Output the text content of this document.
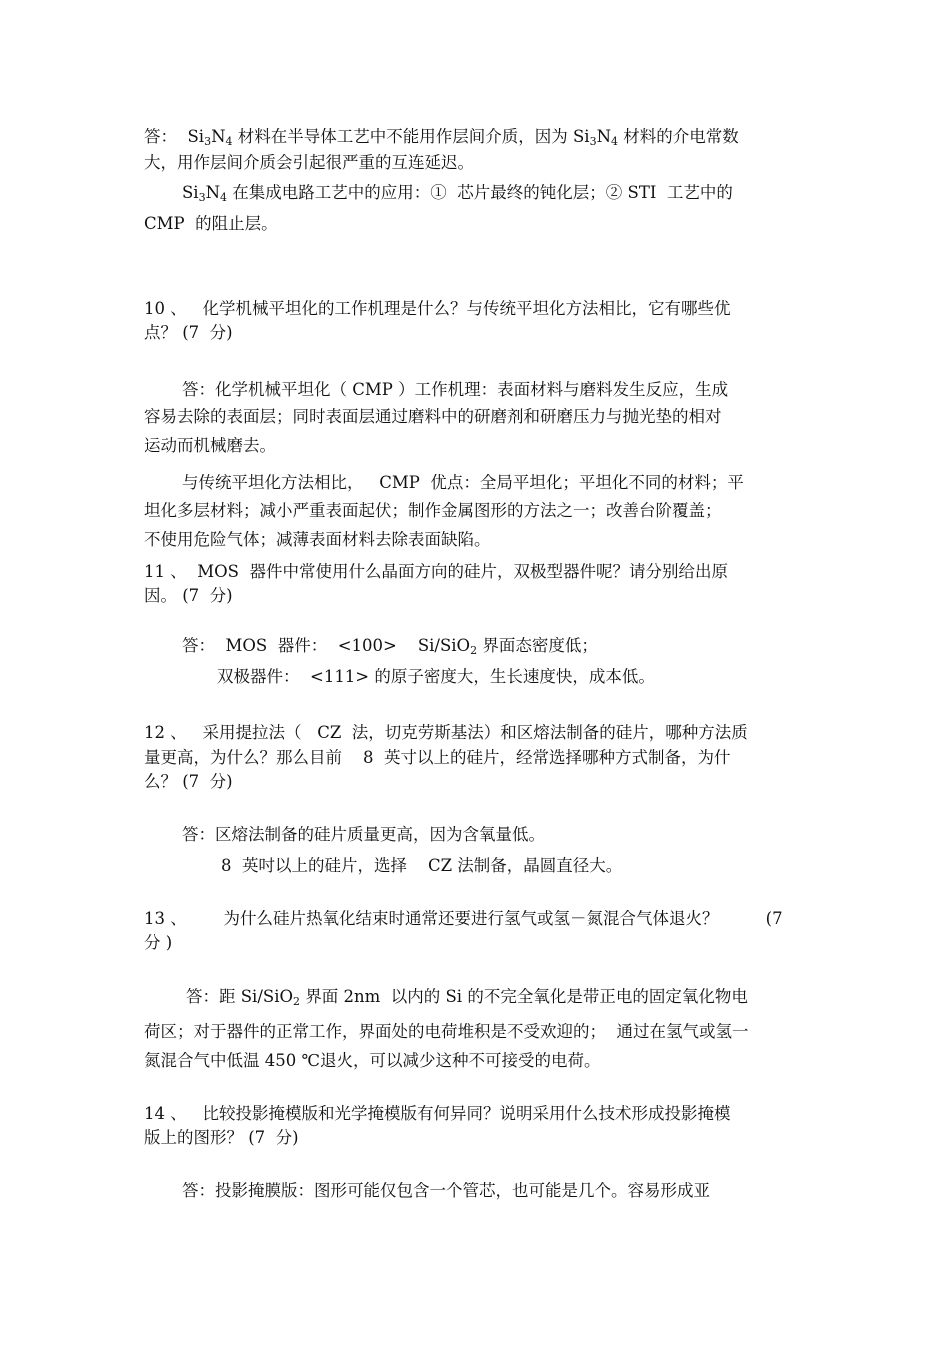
答：  $Si_3N_4$ 材料在半导体工艺中不能用作层间介质，因为 $Si_3N_4$ 材料的介电常数
大，用作层间介质会引起很严重的互连延迟。
$Si_3N_4$ 在集成电路工艺中的应用：①  芯片最终的钝化层；② STI  工艺中的
CMP  的阻止层。
10 、   化学机械平坦化的工作机理是什么？与传统平坦化方法相比，它有哪些优
点？ (7  分)
答：化学机械平坦化（ CMP ）工作机理：表面材料与磨料发生反应，生成
容易去除的表面层；同时表面层通过磨料中的研磨剂和研磨压力与抛光垫的相对
运动而机械磨去。
与传统平坦化方法相比，   CMP  优点：全局平坦化；平坦化不同的材料；平
坦化多层材料；减小严重表面起伏；制作金属图形的方法之一；改善台阶覆盖；
不使用危险气体；减薄表面材料去除表面缺陷。
11 、  MOS  器件中常使用什么晶面方向的硅片，双极型器件呢？请分别给出原
因。 (7  分)
答：  MOS  器件：  <100>    Si/SiO$_2$ 界面态密度低；
双极器件：  <111> 的原子密度大，生长速度快，成本低。
12 、   采用提拉法（   CZ  法，切克劳斯基法）和区熔法制备的硅片，哪种方法质
量更高，为什么？那么目前    8  英寸以上的硅片，经常选择哪种方式制备，为什
么？ (7  分)
答：区熔法制备的硅片质量更高，因为含氧量低。
8  英吋以上的硅片，选择    CZ 法制备，晶圆直径大。
13 、       为什么硅片热氧化结束时通常还要进行氢气或氢－氮混合气体退火？         (7
分 )
答：距 Si/SiO$_2$ 界面 2nm  以内的 Si 的不完全氧化是带正电的固定氧化物电
荷区；对于器件的正常工作，界面处的电荷堆积是不受欢迎的；  通过在氢气或氢一
氮混合气中低温 450 ℃退火，可以减少这种不可接受的电荷。
14 、   比较投影掩模版和光学掩模版有何异同？说明采用什么技术形成投影掩模
版上的图形？ (7  分)
答：投影掩膜版：图形可能仅包含一个管芯，也可能是几个。容易形成亚
